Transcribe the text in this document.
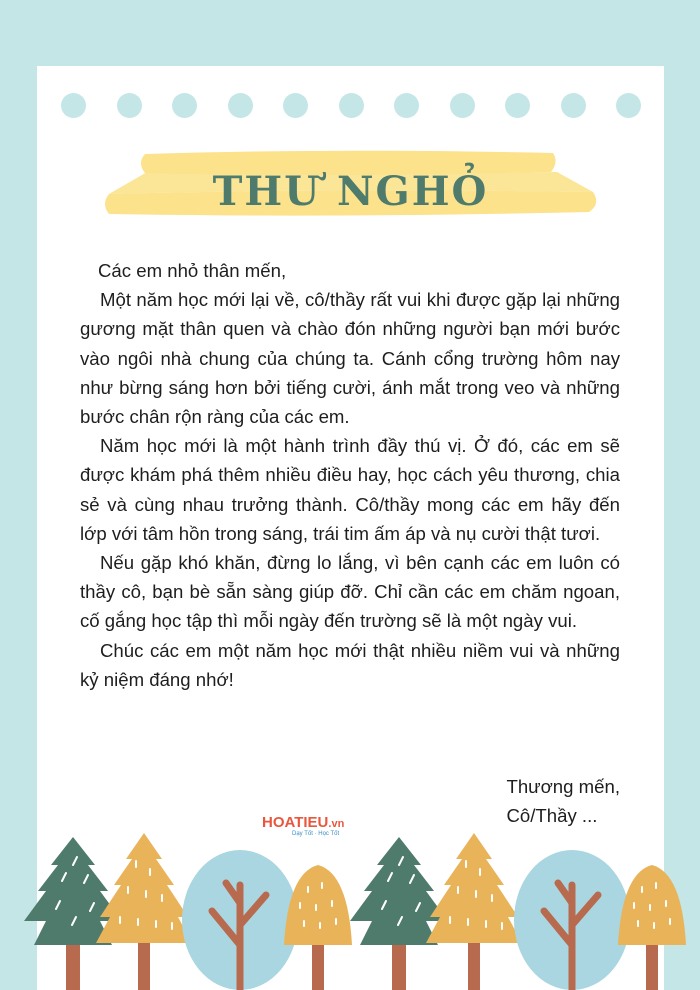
THƯ NGHỎ

Các em nhỏ thân mến,

Một năm học mới lại về, cô/thầy rất vui khi được gặp lại những gương mặt thân quen và chào đón những người bạn mới bước vào ngôi nhà chung của chúng ta. Cánh cổng trường hôm nay như bừng sáng hơn bởi tiếng cười, ánh mắt trong veo và những bước chân rộn ràng của các em.

Năm học mới là một hành trình đầy thú vị. Ở đó, các em sẽ được khám phá thêm nhiều điều hay, học cách yêu thương, chia sẻ và cùng nhau trưởng thành. Cô/thầy mong các em hãy đến lớp với tâm hồn trong sáng, trái tim ấm áp và nụ cười thật tươi.

Nếu gặp khó khăn, đừng lo lắng, vì bên cạnh các em luôn có thầy cô, bạn bè sẵn sàng giúp đỡ. Chỉ cần các em chăm ngoan, cố gắng học tập thì mỗi ngày đến trường sẽ là một ngày vui.

Chúc các em một năm học mới thật nhiều niềm vui và những kỷ niệm đáng nhớ!

Thương mến,
Cô/Thầy ...
HOATIEU.vn
Dạy Tốt · Học Tốt
